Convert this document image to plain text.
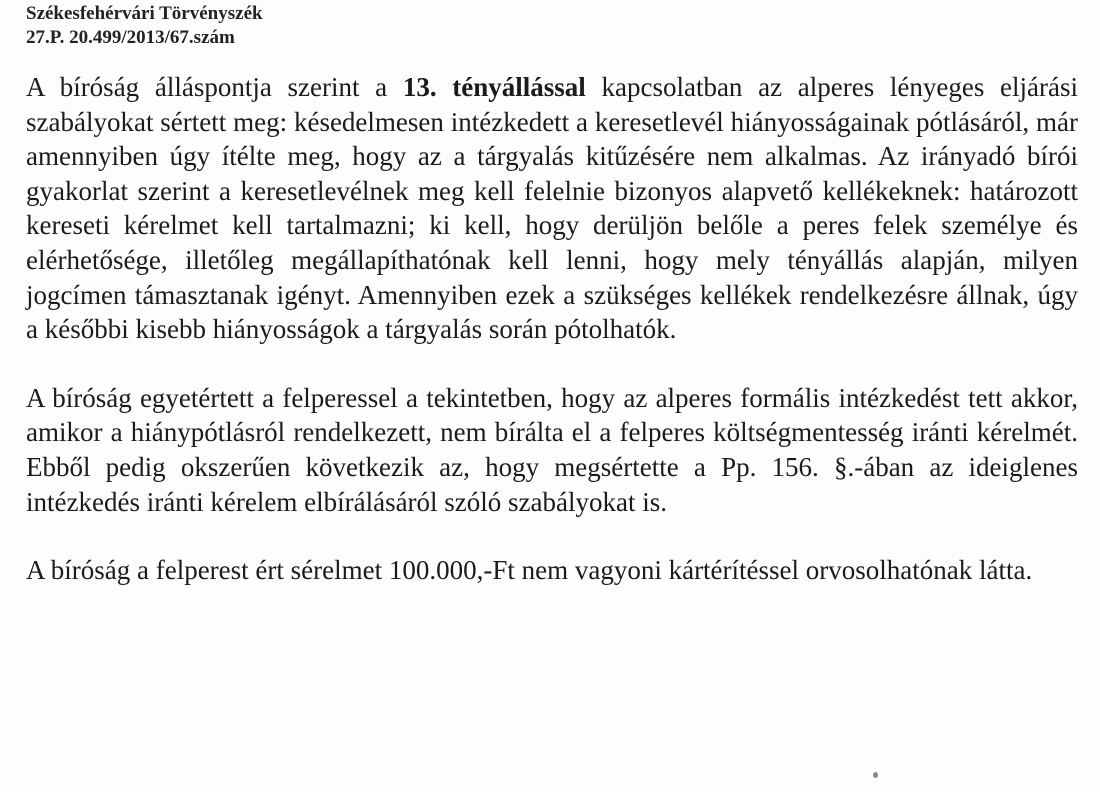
Székesfehérvári Törvényszék
27.P. 20.499/2013/67.szám

A bíróság álláspontja szerint a 13. tényállással kapcsolatban az alperes lényeges eljárási szabályokat sértett meg: késedelmesen intézkedett a keresetlevél hiányosságainak pótlásáról, már amennyiben úgy ítélte meg, hogy az a tárgyalás kitűzésére nem alkalmas. Az irányadó bírói gyakorlat szerint a keresetlevélnek meg kell felelnie bizonyos alapvető kellékeknek: határozott kereseti kérelmet kell tartalmazni; ki kell, hogy derüljön belőle a peres felek személye és elérhetősége, illetőleg megállapíthatónak kell lenni, hogy mely tényállás alapján, milyen jogcímen támasztanak igényt. Amennyiben ezek a szükséges kellékek rendelkezésre állnak, úgy a későbbi kisebb hiányosságok a tárgyalás során pótolhatók.

A bíróság egyetértett a felperessel a tekintetben, hogy az alperes formális intézkedést tett akkor, amikor a hiánypótlásról rendelkezett, nem bírálta el a felperes költségmentesség iránti kérelmét. Ebből pedig okszerűen következik az, hogy megsértette a Pp. 156. §.-ában az ideiglenes intézkedés iránti kérelem elbírálásáról szóló szabályokat is.

A bíróság a felperest ért sérelmet 100.000,-Ft nem vagyoni kártérítéssel orvosolhatónak látta.
